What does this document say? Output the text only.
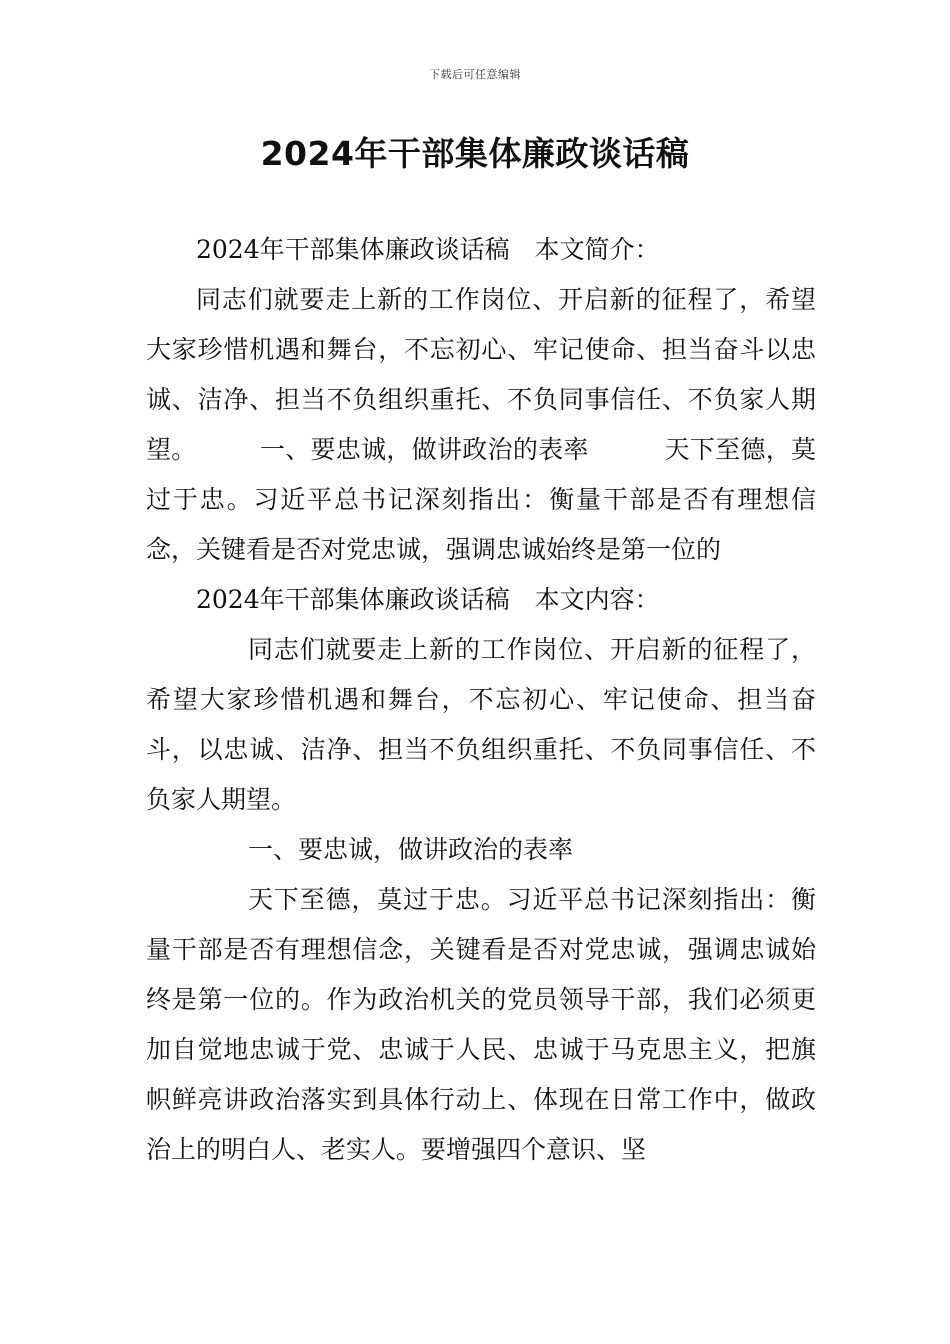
下载后可任意编辑
2024年干部集体廉政谈话稿

2024年干部集体廉政谈话稿　本文简介：

同志们就要走上新的工作岗位、开启新的征程了，希望大家珍惜机遇和舞台，不忘初心、牢记使命、担当奋斗以忠诚、洁净、担当不负组织重托、不负同事信任、不负家人期望。　　　一、要忠诚，做讲政治的表率　　　天下至德，莫过于忠。习近平总书记深刻指出：衡量干部是否有理想信念，关键看是否对党忠诚，强调忠诚始终是第一位的

2024年干部集体廉政谈话稿　本文内容：

同志们就要走上新的工作岗位、开启新的征程了，希望大家珍惜机遇和舞台，不忘初心、牢记使命、担当奋斗，以忠诚、洁净、担当不负组织重托、不负同事信任、不负家人期望。

一、要忠诚，做讲政治的表率

天下至德，莫过于忠。习近平总书记深刻指出：衡量干部是否有理想信念，关键看是否对党忠诚，强调忠诚始终是第一位的。作为政治机关的党员领导干部，我们必须更加自觉地忠诚于党、忠诚于人民、忠诚于马克思主义，把旗帜鲜亮讲政治落实到具体行动上、体现在日常工作中，做政治上的明白人、老实人。要增强四个意识、坚
